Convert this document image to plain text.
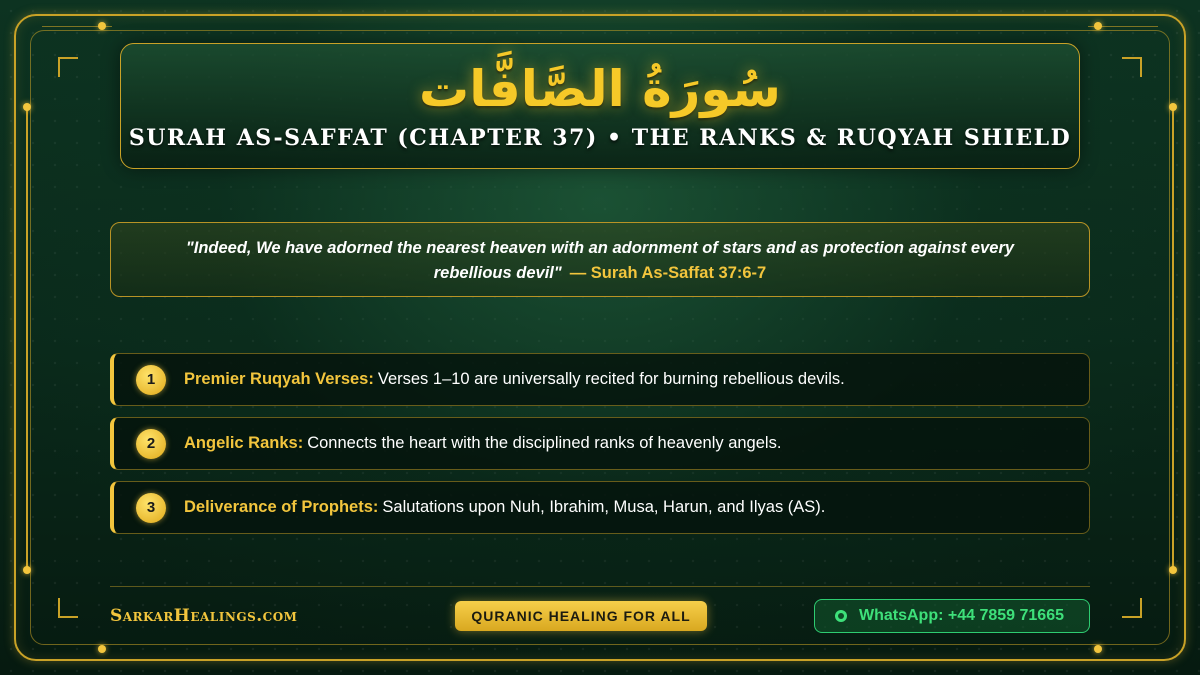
سُورَةُ الصَّافَّات
SURAH AS-SAFFAT (CHAPTER 37) • THE RANKS & RUQYAH SHIELD
"Indeed, We have adorned the nearest heaven with an adornment of stars and as protection against every rebellious devil" — Surah As-Saffat 37:6-7
1	Premier Ruqyah Verses: Verses 1–10 are universally recited for burning rebellious devils.
2	Angelic Ranks: Connects the heart with the disciplined ranks of heavenly angels.
3	Deliverance of Prophets: Salutations upon Nuh, Ibrahim, Musa, Harun, and Ilyas (AS).
SarkarHealings.com	QURANIC HEALING FOR ALL	WhatsApp: +44 7859 71665
